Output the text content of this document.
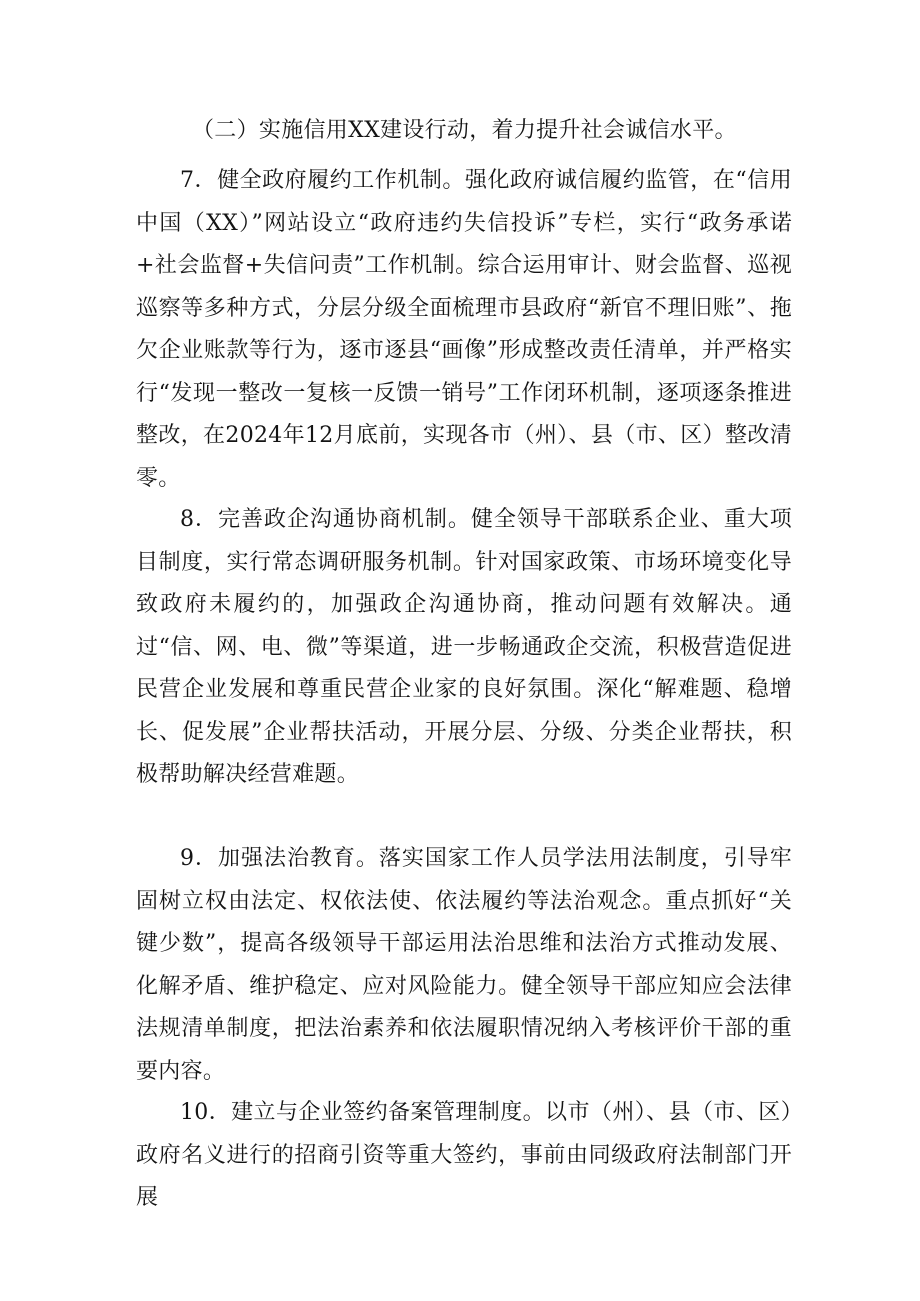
（二）实施信用XX建设行动，着力提升社会诚信水平。

7．健全政府履约工作机制。强化政府诚信履约监管，在“信用中国（XX）”网站设立“政府违约失信投诉”专栏，实行“政务承诺+社会监督+失信问责”工作机制。综合运用审计、财会监督、巡视巡察等多种方式，分层分级全面梳理市县政府“新官不理旧账”、拖欠企业账款等行为，逐市逐县“画像”形成整改责任清单，并严格实行“发现一整改一复核一反馈一销号”工作闭环机制，逐项逐条推进整改，在2024年12月底前，实现各市（州）、县（市、区）整改清零。

8．完善政企沟通协商机制。健全领导干部联系企业、重大项目制度，实行常态调研服务机制。针对国家政策、市场环境变化导致政府未履约的，加强政企沟通协商，推动问题有效解决。通过“信、网、电、微”等渠道，进一步畅通政企交流，积极营造促进民营企业发展和尊重民营企业家的良好氛围。深化“解难题、稳增长、促发展”企业帮扶活动，开展分层、分级、分类企业帮扶，积极帮助解决经营难题。

9．加强法治教育。落实国家工作人员学法用法制度，引导牢固树立权由法定、权依法使、依法履约等法治观念。重点抓好“关键少数”，提高各级领导干部运用法治思维和法治方式推动发展、化解矛盾、维护稳定、应对风险能力。健全领导干部应知应会法律法规清单制度，把法治素养和依法履职情况纳入考核评价干部的重要内容。

10．建立与企业签约备案管理制度。以市（州）、县（市、区）政府名义进行的招商引资等重大签约，事前由同级政府法制部门开展
